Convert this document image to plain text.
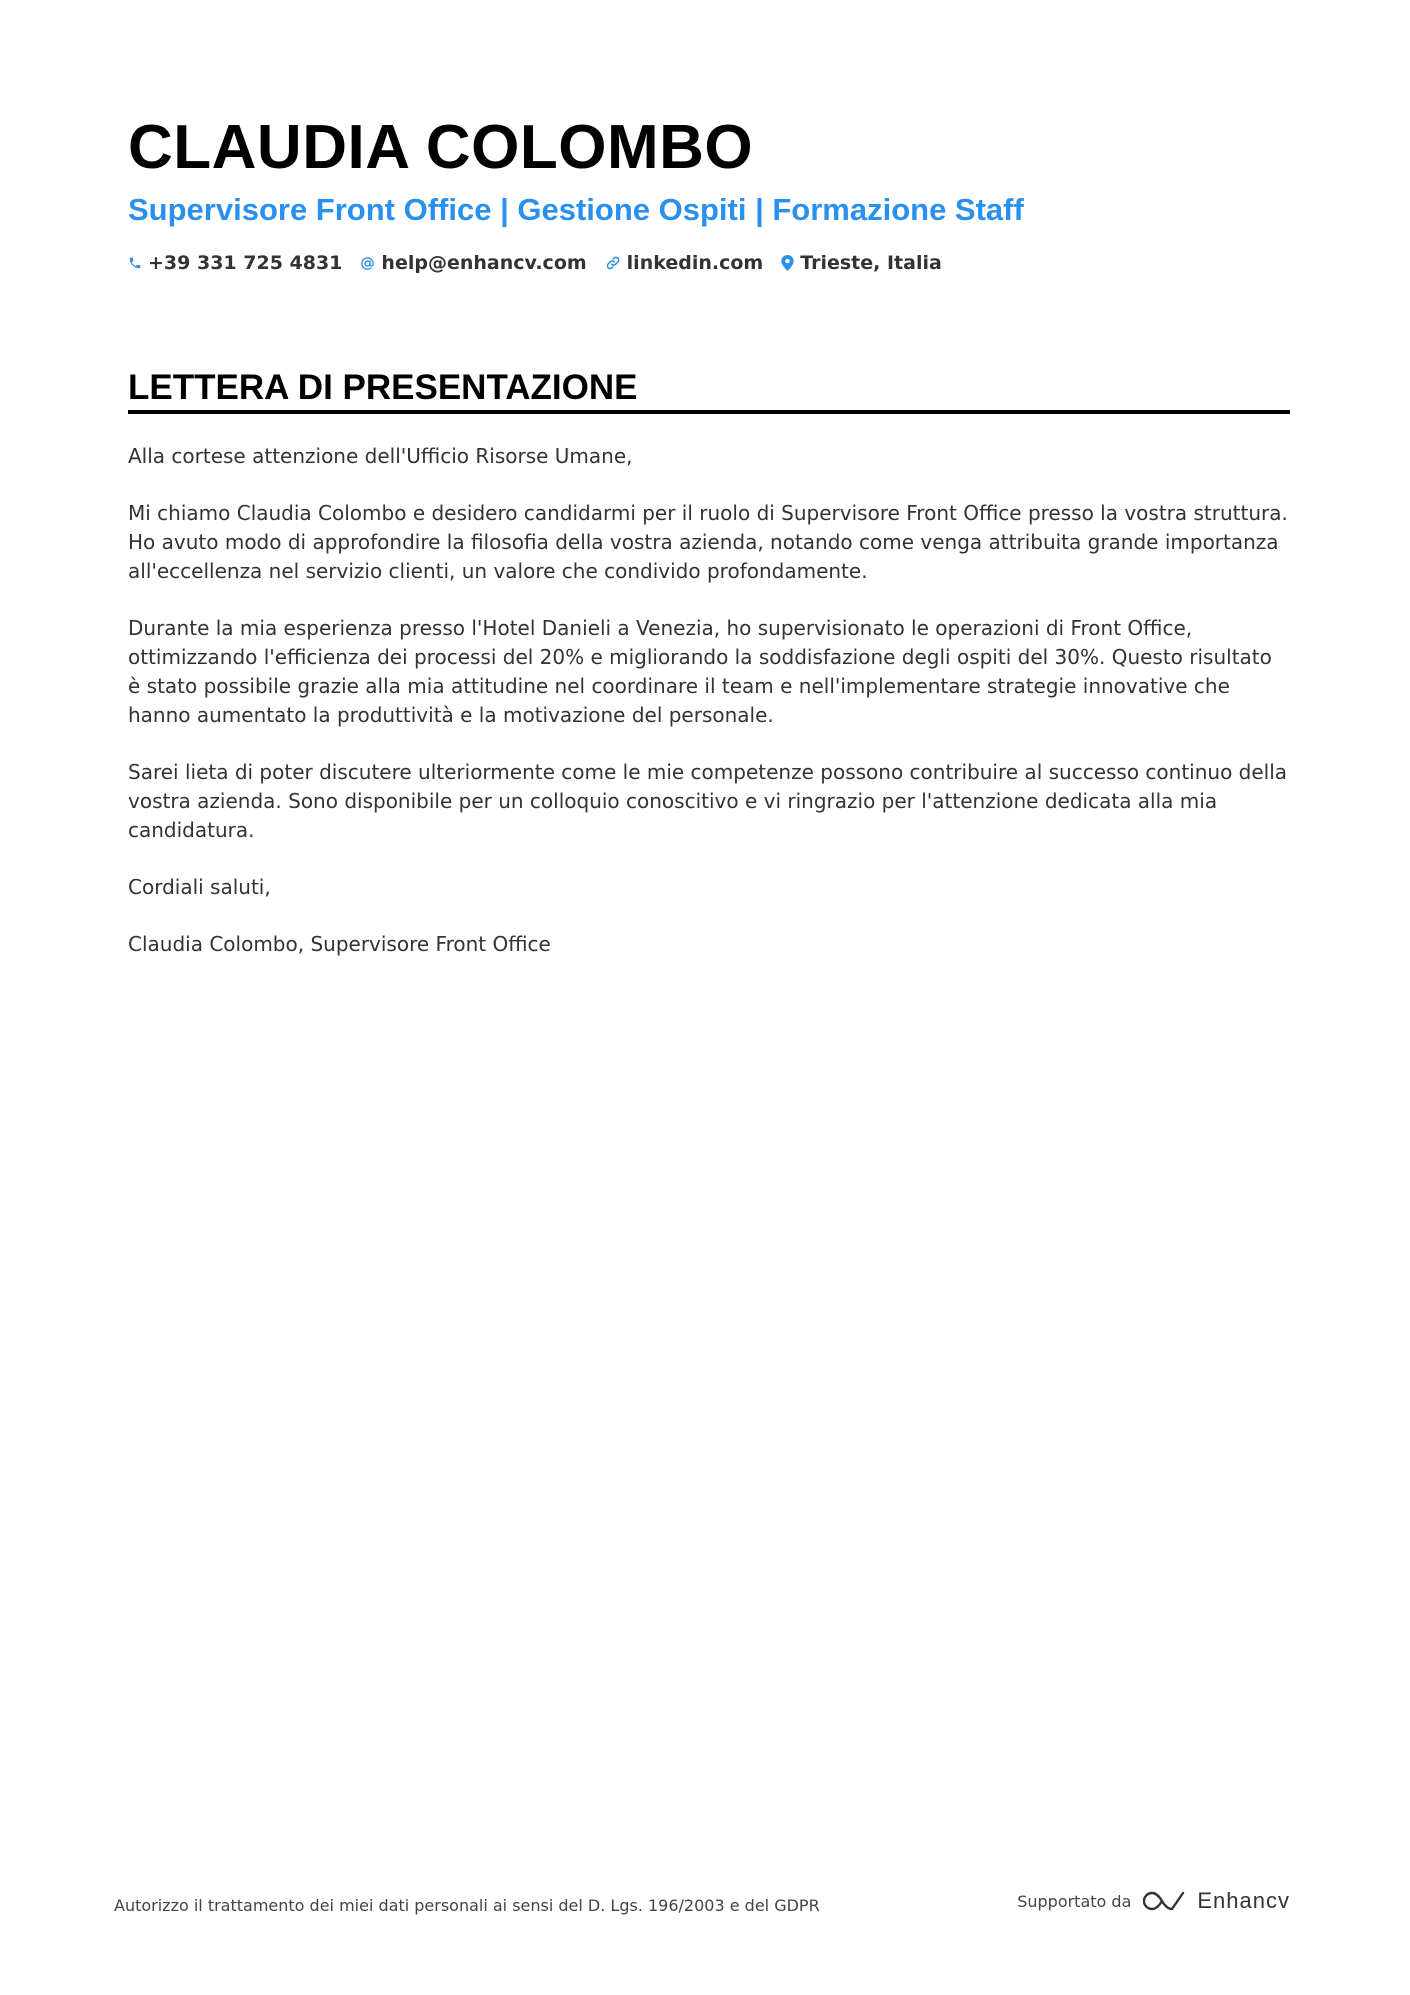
CLAUDIA COLOMBO
Supervisore Front Office | Gestione Ospiti | Formazione Staff
+39 331 725 4831 help@enhancv.com linkedin.com Trieste, Italia
LETTERA DI PRESENTAZIONE

Alla cortese attenzione dell'Ufficio Risorse Umane,

Mi chiamo Claudia Colombo e desidero candidarmi per il ruolo di Supervisore Front Office presso la vostra struttura. Ho avuto modo di approfondire la filosofia della vostra azienda, notando come venga attribuita grande importanza all'eccellenza nel servizio clienti, un valore che condivido profondamente.

Durante la mia esperienza presso l'Hotel Danieli a Venezia, ho supervisionato le operazioni di Front Office, ottimizzando l'efficienza dei processi del 20% e migliorando la soddisfazione degli ospiti del 30%. Questo risultato è stato possibile grazie alla mia attitudine nel coordinare il team e nell'implementare strategie innovative che hanno aumentato la produttività e la motivazione del personale.

Sarei lieta di poter discutere ulteriormente come le mie competenze possono contribuire al successo continuo della vostra azienda. Sono disponibile per un colloquio conoscitivo e vi ringrazio per l'attenzione dedicata alla mia candidatura.

Cordiali saluti,

Claudia Colombo, Supervisore Front Office

Autorizzo il trattamento dei miei dati personali ai sensi del D. Lgs. 196/2003 e del GDPR	Supportato da	Enhancv
